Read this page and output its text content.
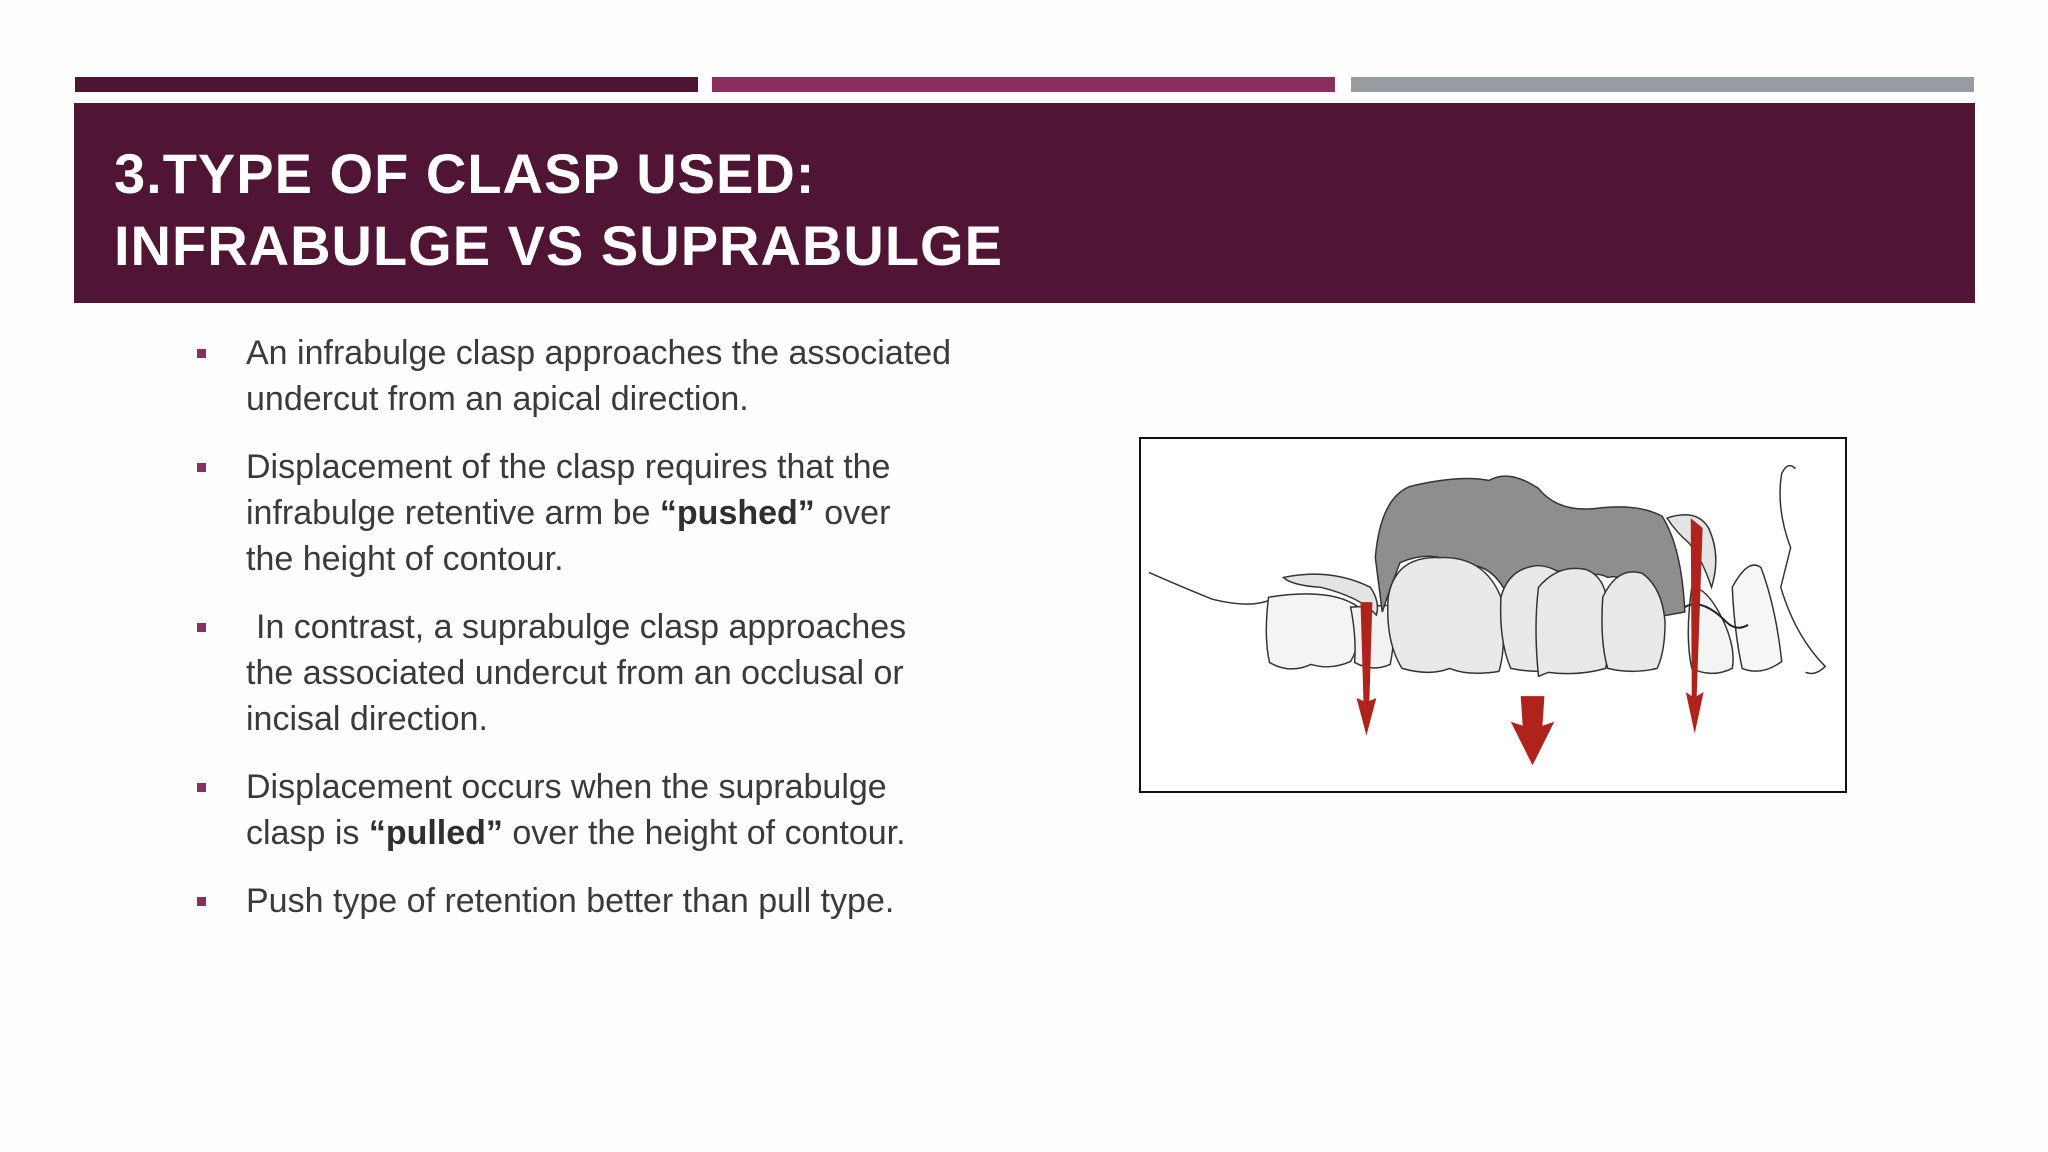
3.TYPE OF CLASP USED:
INFRABULGE VS SUPRABULGE
An infrabulge clasp approaches the associated
undercut from an apical direction.
Displacement of the clasp requires that the
infrabulge retentive arm be “pushed” over
the height of contour.
In contrast, a suprabulge clasp approaches
the associated undercut from an occlusal or
incisal direction.
Displacement occurs when the suprabulge
clasp is “pulled” over the height of contour.
Push type of retention better than pull type.
